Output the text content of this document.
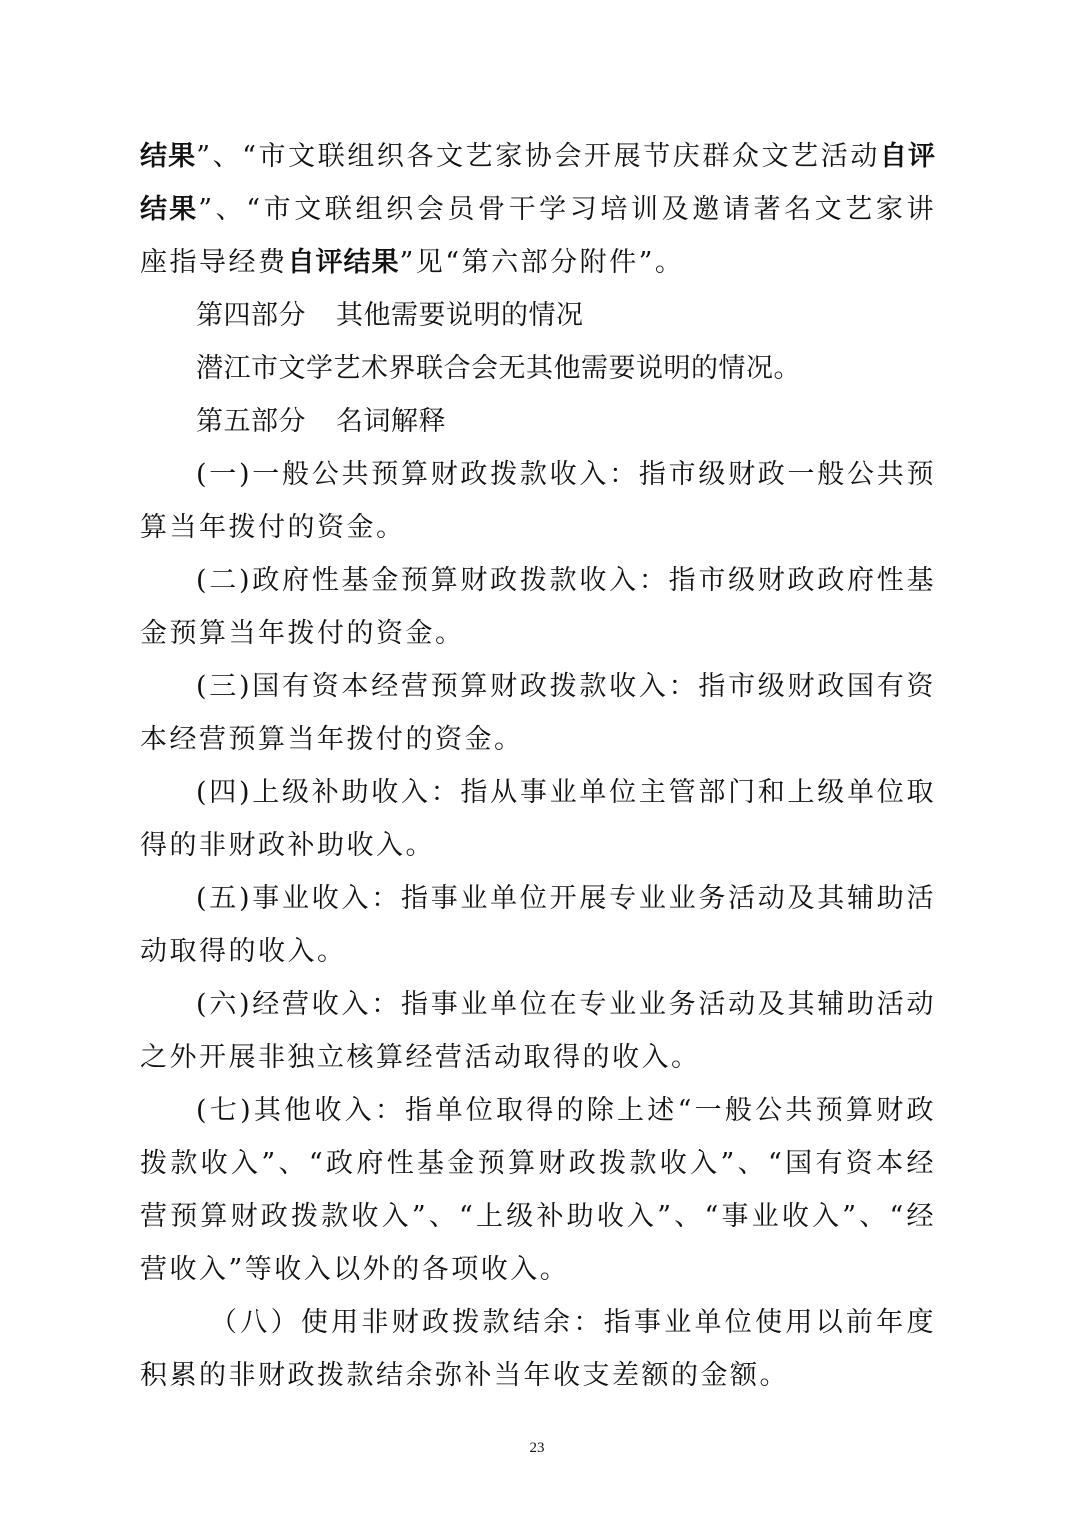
结果”、“市文联组织各文艺家协会开展节庆群众文艺活动自评结果”、“市文联组织会员骨干学习培训及邀请著名文艺家讲座指导经费自评结果”见“第六部分附件”。

第四部分 其他需要说明的情况

潜江市文学艺术界联合会无其他需要说明的情况。

第五部分 名词解释

(一)一般公共预算财政拨款收入：指市级财政一般公共预算当年拨付的资金。

(二)政府性基金预算财政拨款收入：指市级财政政府性基金预算当年拨付的资金。

(三)国有资本经营预算财政拨款收入：指市级财政国有资本经营预算当年拨付的资金。

(四)上级补助收入：指从事业单位主管部门和上级单位取得的非财政补助收入。

(五)事业收入：指事业单位开展专业业务活动及其辅助活动取得的收入。

(六)经营收入：指事业单位在专业业务活动及其辅助活动之外开展非独立核算经营活动取得的收入。

(七)其他收入：指单位取得的除上述“一般公共预算财政拨款收入”、“政府性基金预算财政拨款收入”、“国有资本经营预算财政拨款收入”、“上级补助收入”、“事业收入”、“经营收入”等收入以外的各项收入。

（八）使用非财政拨款结余：指事业单位使用以前年度积累的非财政拨款结余弥补当年收支差额的金额。

23
